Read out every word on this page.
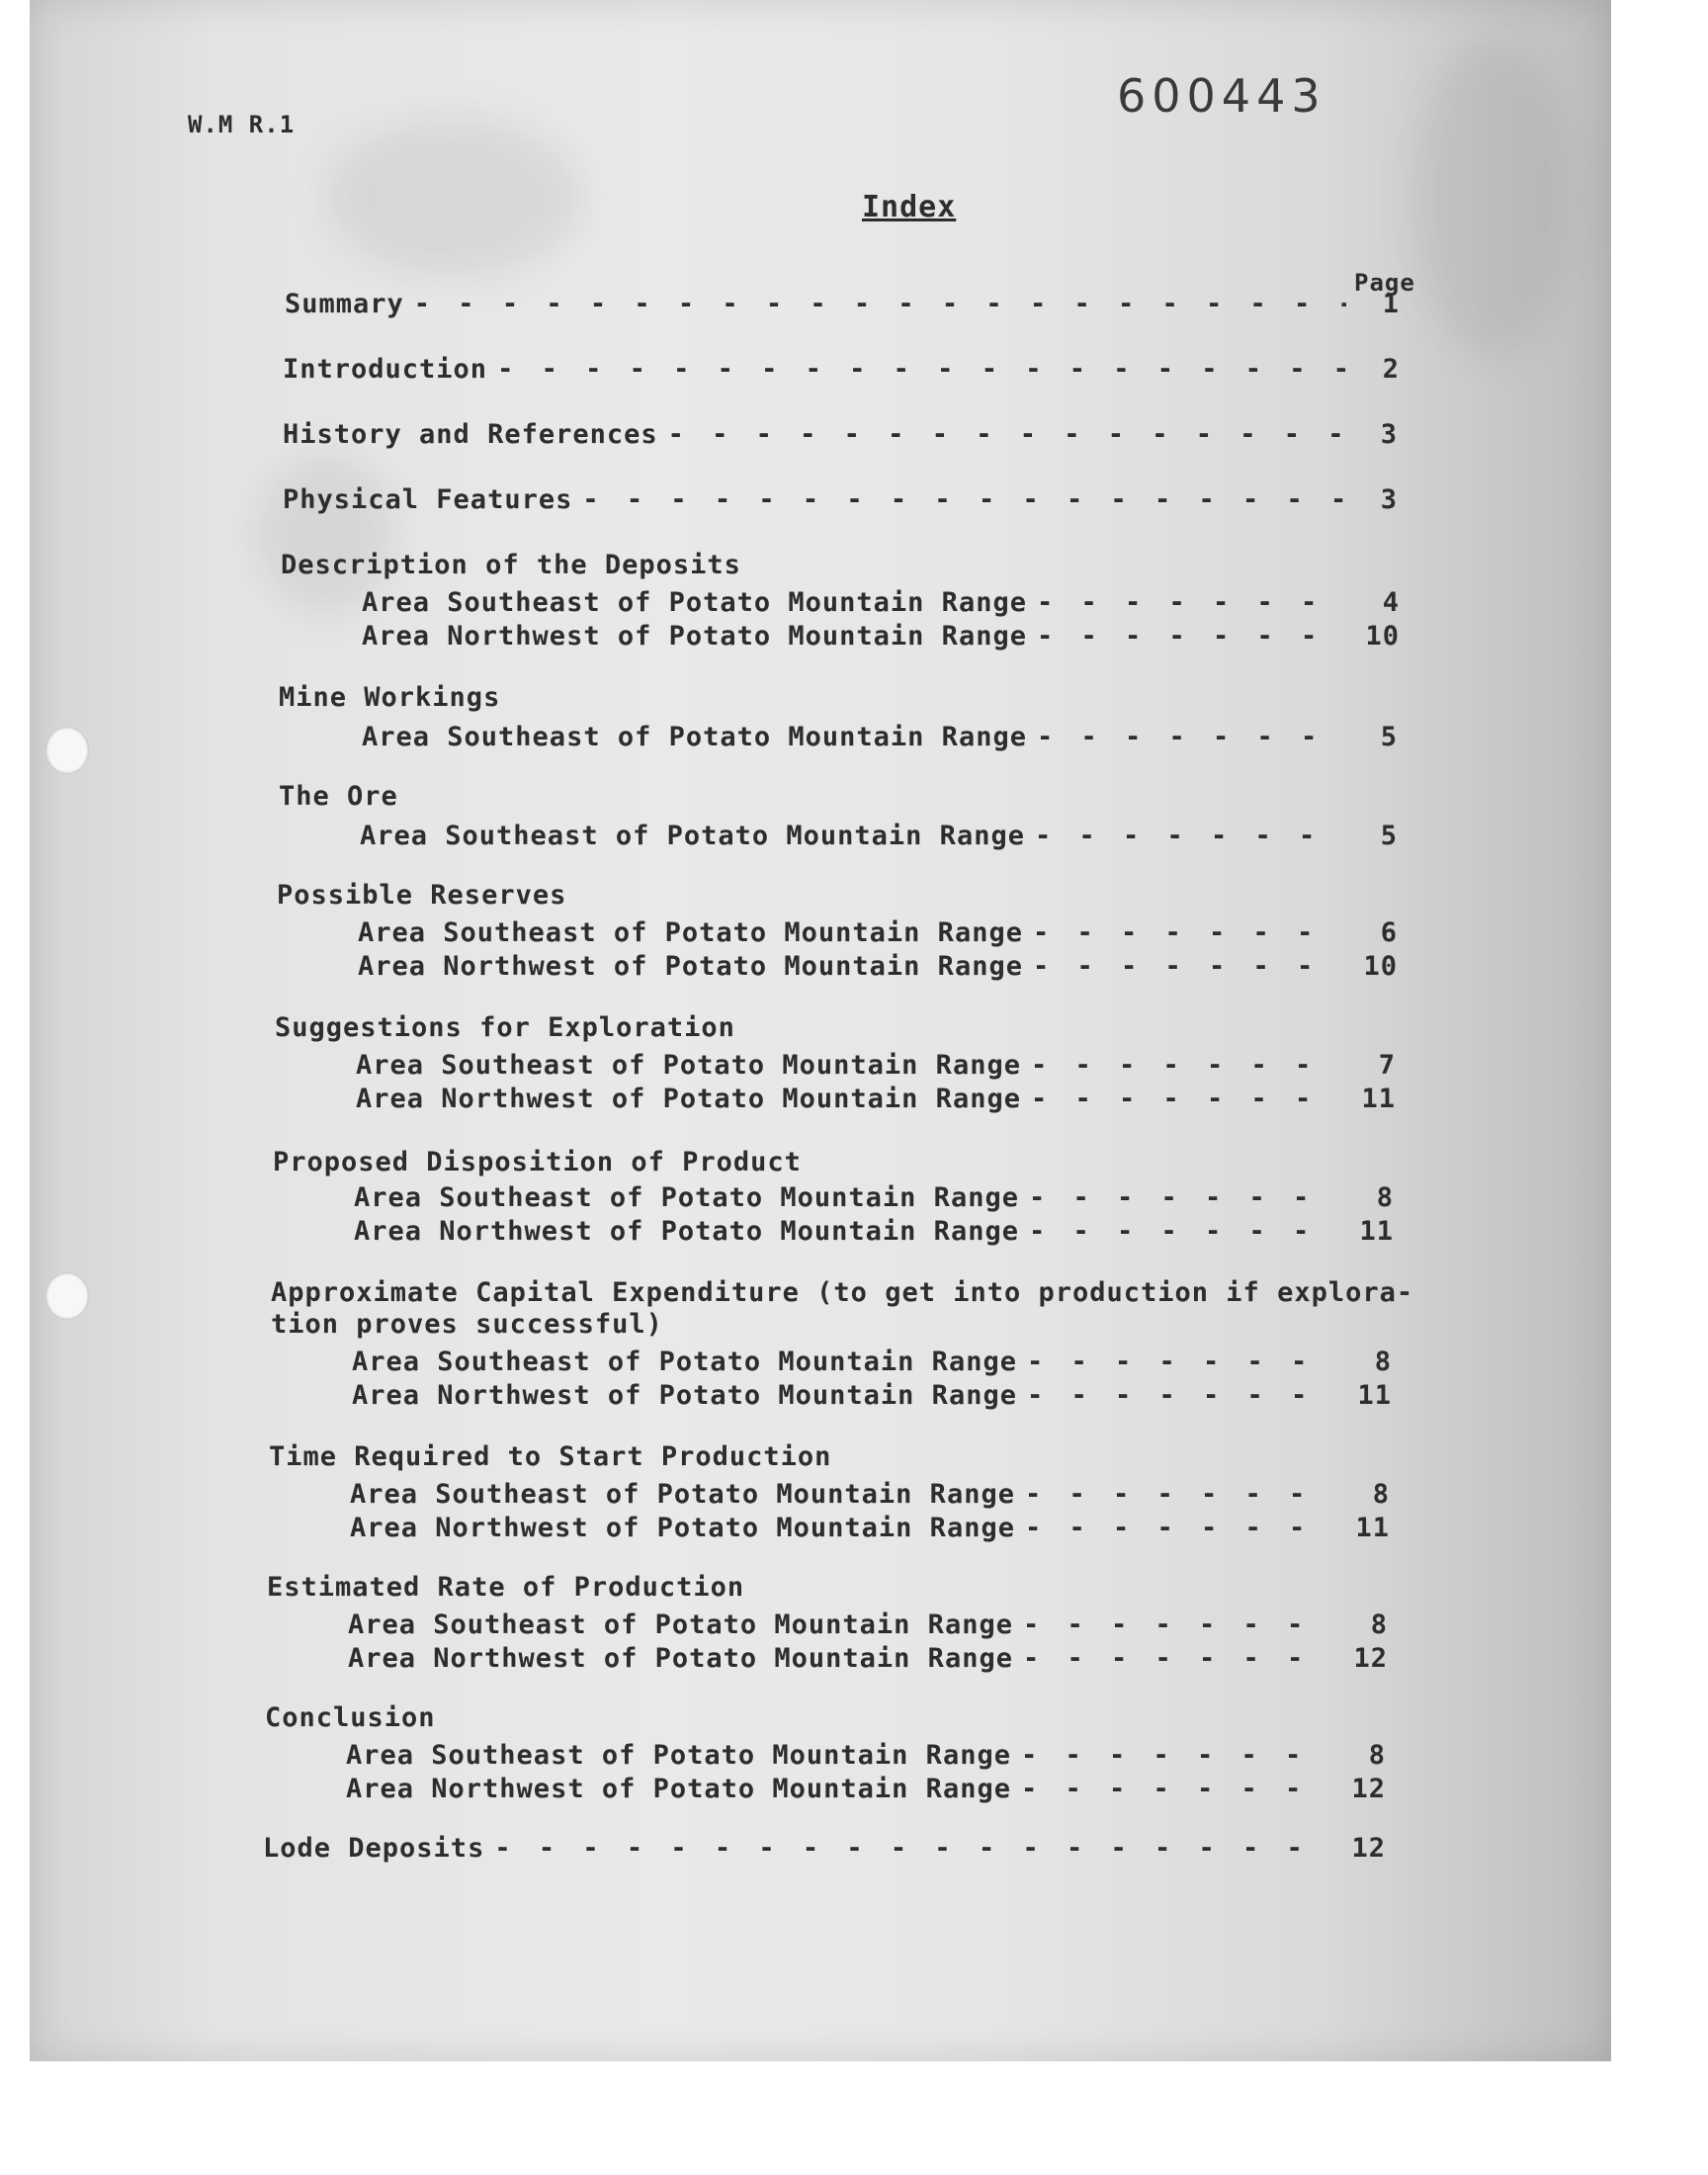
W.M R.1
600443
Index
Page
Summary - - -	1
Introduction - - -	2
History and References - - -	3
Physical Features - - -	3
Description of the Deposits
Area Southeast of Potato Mountain Range - - -	4
Area Northwest of Potato Mountain Range - - -	10
Mine Workings
Area Southeast of Potato Mountain Range - - -	5
The Ore
Area Southeast of Potato Mountain Range - - -	5
Possible Reserves
Area Southeast of Potato Mountain Range - - -	6
Area Northwest of Potato Mountain Range - - -	10
Suggestions for Exploration
Area Southeast of Potato Mountain Range - - -	7
Area Northwest of Potato Mountain Range - - -	11
Proposed Disposition of Product
Area Southeast of Potato Mountain Range - - -	8
Area Northwest of Potato Mountain Range - - -	11
Approximate Capital Expenditure (to get into production if explora-
tion proves successful)
Area Southeast of Potato Mountain Range - - -	8
Area Northwest of Potato Mountain Range - - -	11
Time Required to Start Production
Area Southeast of Potato Mountain Range - - -	8
Area Northwest of Potato Mountain Range - - -	11
Estimated Rate of Production
Area Southeast of Potato Mountain Range - - -	8
Area Northwest of Potato Mountain Range - - -	12
Conclusion
Area Southeast of Potato Mountain Range - - -	8
Area Northwest of Potato Mountain Range - - -	12
Lode Deposits - - -	12
